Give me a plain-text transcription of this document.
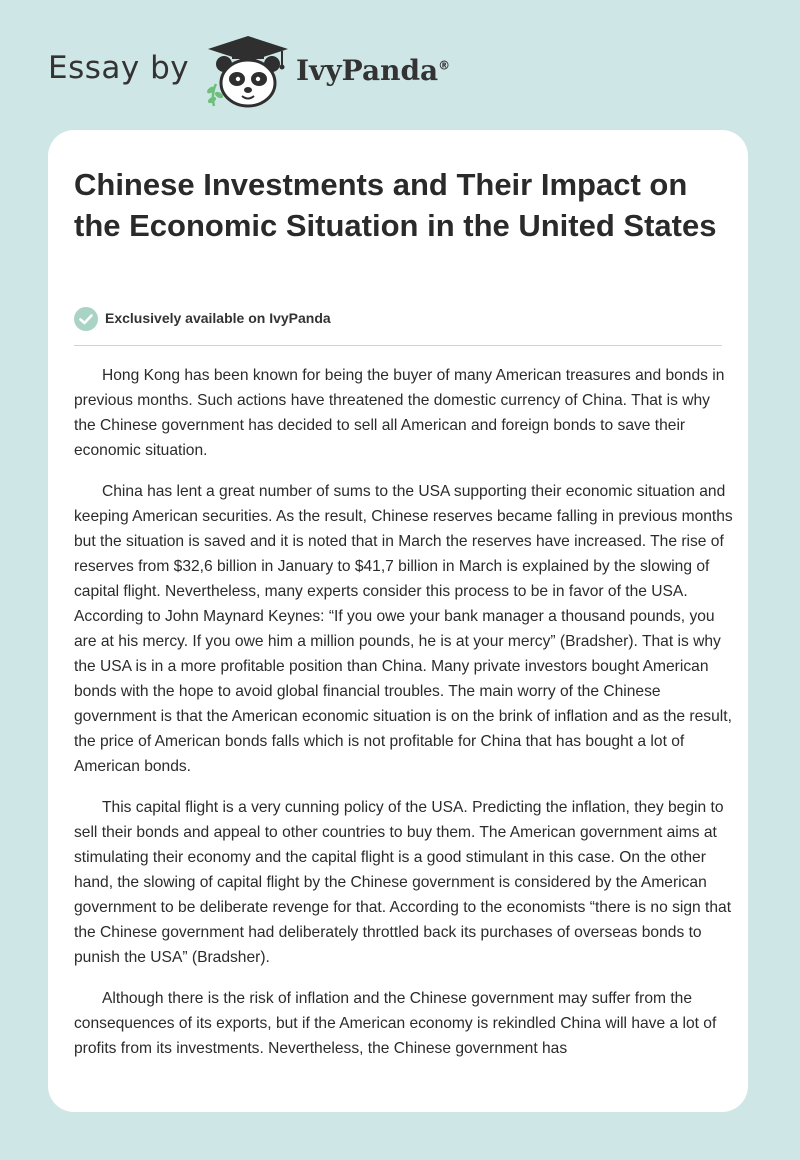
Essay by	IvyPanda®
Chinese Investments and Their Impact on the Economic Situation in the United States
Exclusively available on IvyPanda

Hong Kong has been known for being the buyer of many American treasures and bonds in previous months. Such actions have threatened the domestic currency of China. That is why the Chinese government has decided to sell all American and foreign bonds to save their economic situation.

China has lent a great number of sums to the USA supporting their economic situation and keeping American securities. As the result, Chinese reserves became falling in previous months but the situation is saved and it is noted that in March the reserves have increased. The rise of reserves from $32,6 billion in January to $41,7 billion in March is explained by the slowing of capital flight. Nevertheless, many experts consider this process to be in favor of the USA. According to John Maynard Keynes: “If you owe your bank manager a thousand pounds, you are at his mercy. If you owe him a million pounds, he is at your mercy” (Bradsher). That is why the USA is in a more profitable position than China. Many private investors bought American bonds with the hope to avoid global financial troubles. The main worry of the Chinese government is that the American economic situation is on the brink of inflation and as the result, the price of American bonds falls which is not profitable for China that has bought a lot of American bonds.

This capital flight is a very cunning policy of the USA. Predicting the inflation, they begin to sell their bonds and appeal to other countries to buy them. The American government aims at stimulating their economy and the capital flight is a good stimulant in this case. On the other hand, the slowing of capital flight by the Chinese government is considered by the American government to be deliberate revenge for that. According to the economists “there is no sign that the Chinese government had deliberately throttled back its purchases of overseas bonds to punish the USA” (Bradsher).

Although there is the risk of inflation and the Chinese government may suffer from the consequences of its exports, but if the American economy is rekindled China will have a lot of profits from its investments. Nevertheless, the Chinese government has
